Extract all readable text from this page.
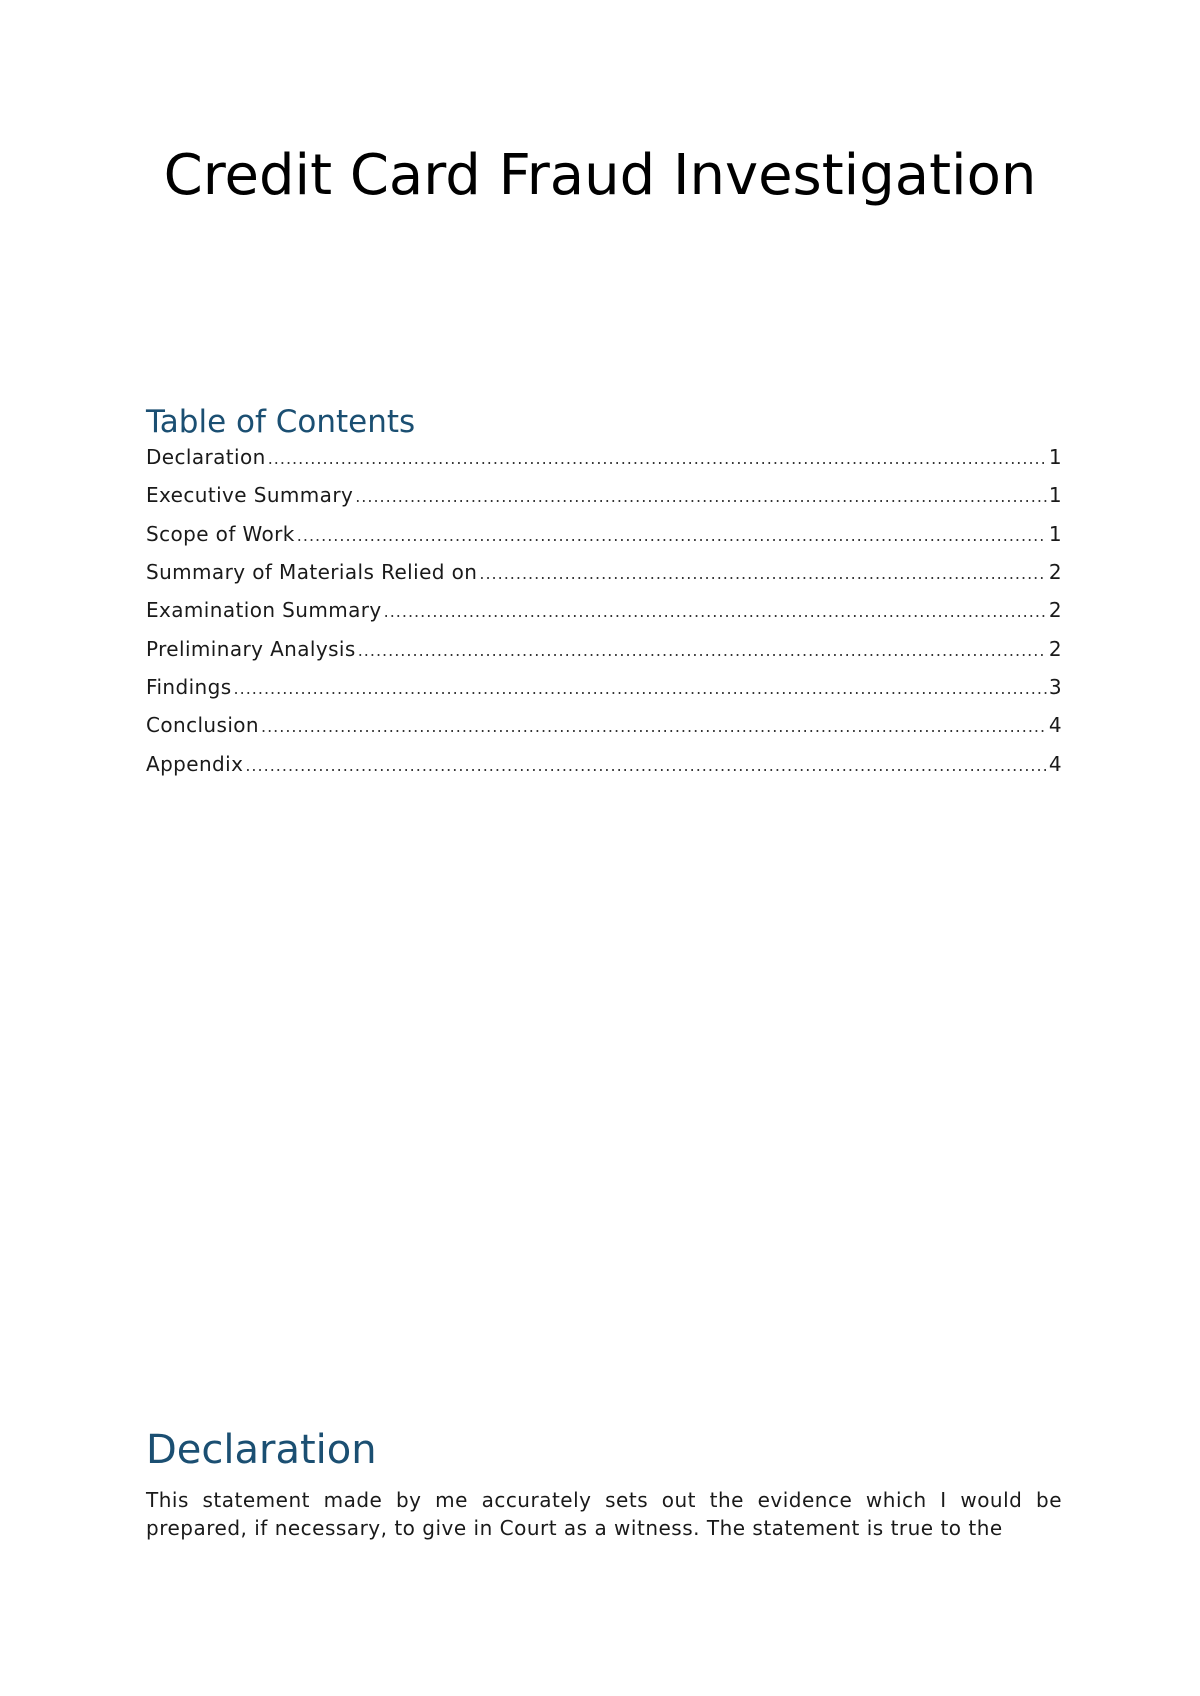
Credit Card Fraud Investigation
Table of Contents
Declaration .....	1
Executive Summary .....	1
Scope of Work .....	1
Summary of Materials Relied on .....	2
Examination Summary .....	2
Preliminary Analysis .....	2
Findings .....	3
Conclusion .....	4
Appendix .....	4
Declaration

This statement made by me accurately sets out the evidence which I would be prepared, if necessary, to give in Court as a witness. The statement is true to the
